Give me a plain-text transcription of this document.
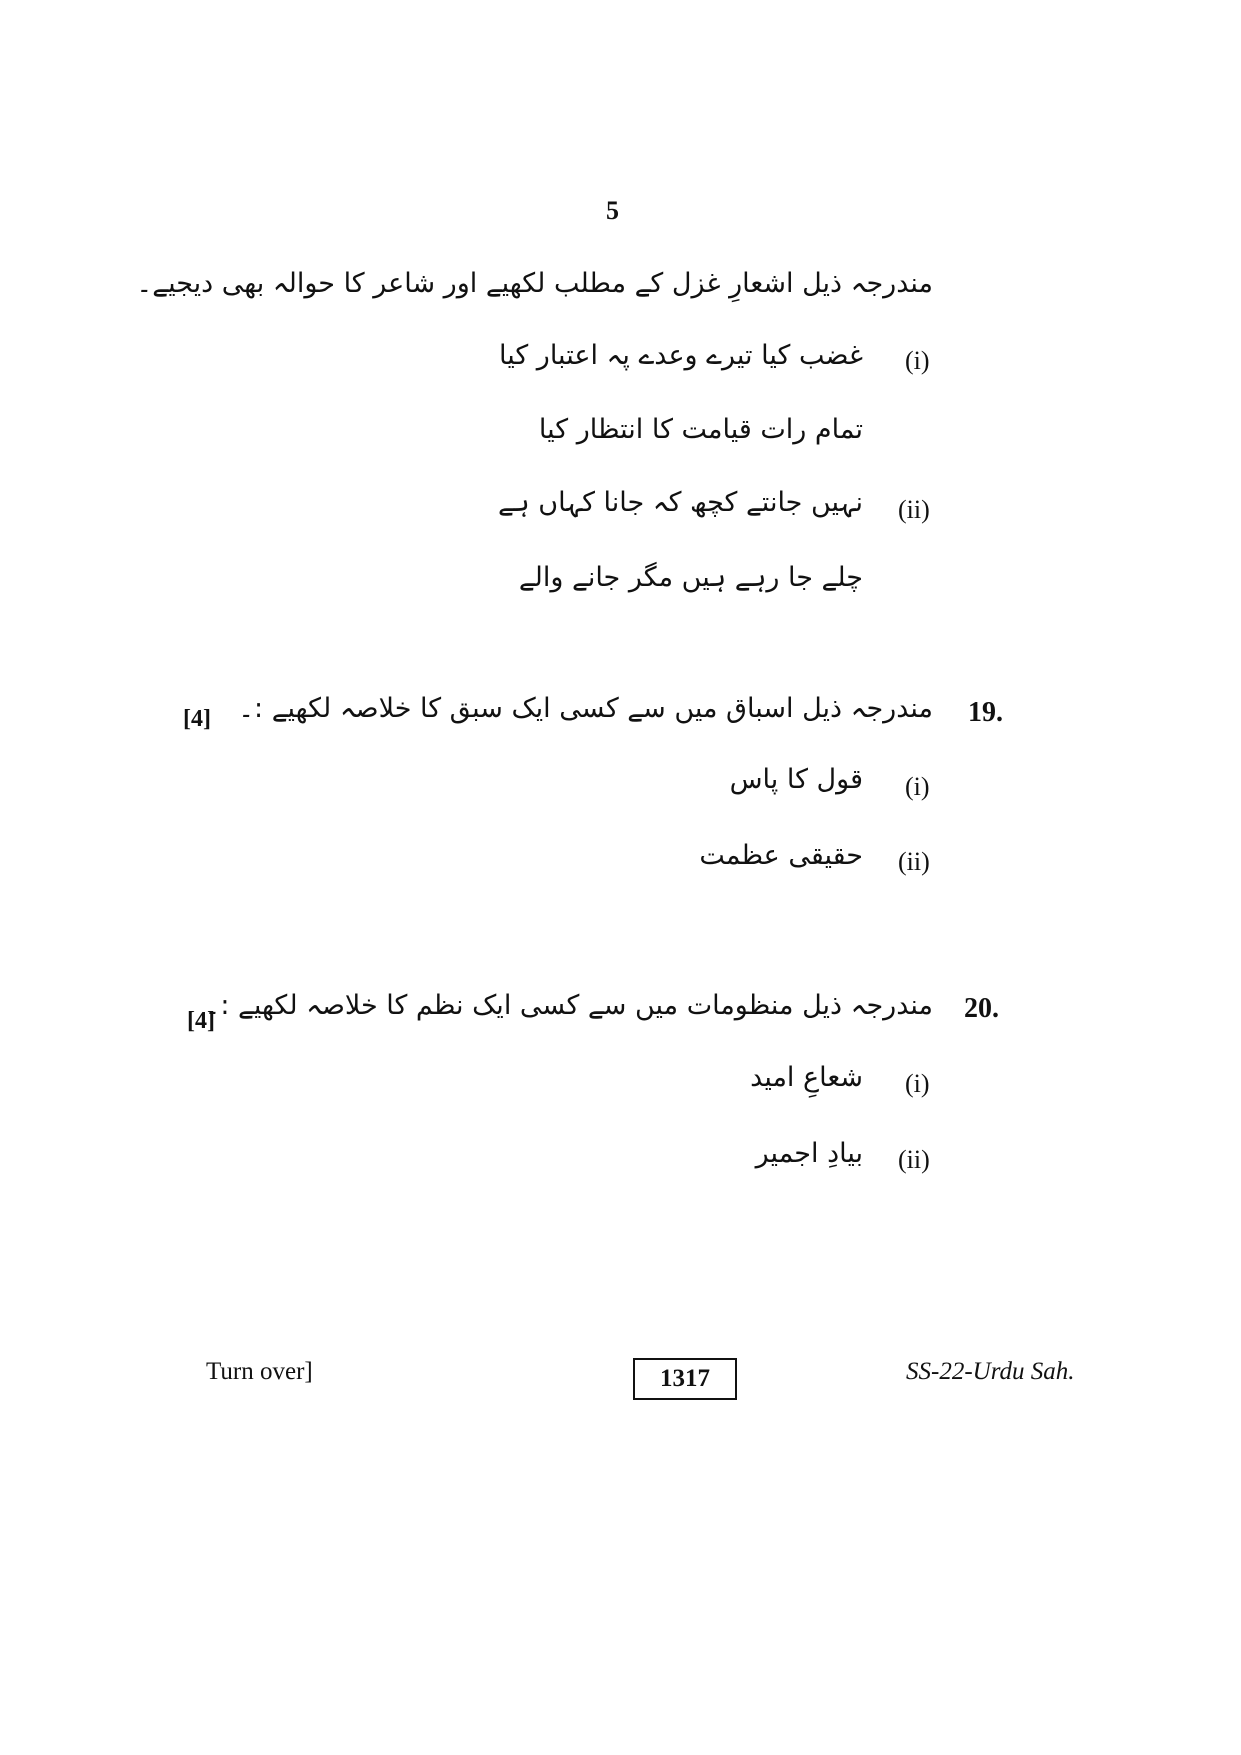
5
مندرجہ ذیل اشعارِ غزل کے مطلب لکھیے اور شاعر کا حوالہ بھی دیجیے۔
(i)
غضب کیا تیرے وعدے پہ اعتبار کیا
تمام رات قیامت کا انتظار کیا
(ii)
نہیں جانتے کچھ کہ جانا کہاں ہے
چلے جا رہے ہیں مگر جانے والے
[4] مندرجہ ذیل اسباق میں سے کسی ایک سبق کا خلاصہ لکھیے :۔ 19.
(i)
قول کا پاس
(ii)
حقیقی عظمت
[4]
مندرجہ ذیل منظومات میں سے کسی ایک نظم کا خلاصہ لکھیے :۔ 20.
(i)
شعاعِ امید
(ii)
بیادِ اجمیر
Turn over]	1317	SS-22-Urdu Sah.
